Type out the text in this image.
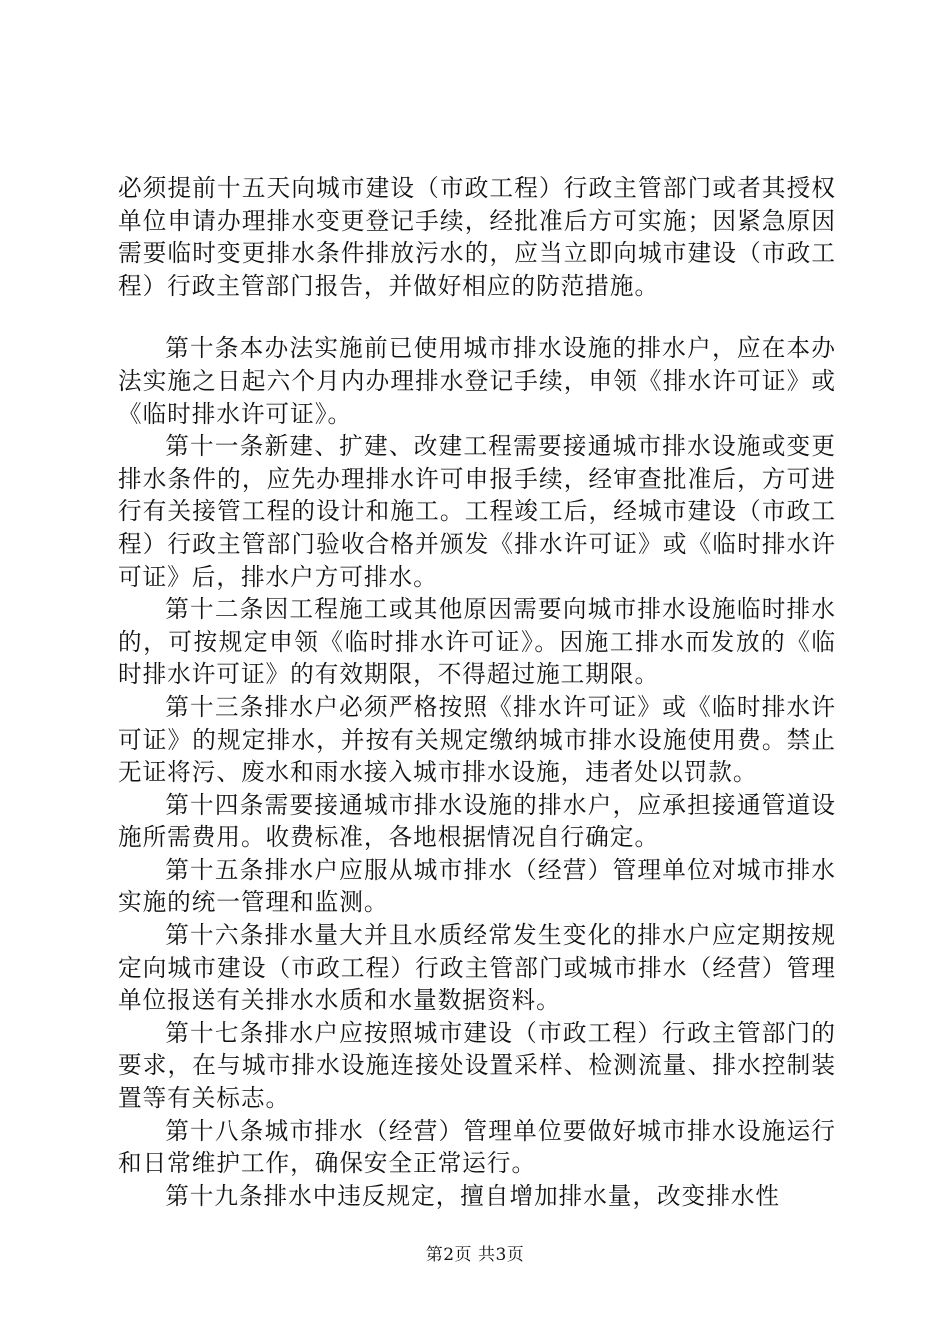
必须提前十五天向城市建设（市政工程）行政主管部门或者其授权单位申请办理排水变更登记手续，经批准后方可实施；因紧急原因需要临时变更排水条件排放污水的，应当立即向城市建设（市政工程）行政主管部门报告，并做好相应的防范措施。

第十条本办法实施前已使用城市排水设施的排水户，应在本办法实施之日起六个月内办理排水登记手续，申领《排水许可证》或《临时排水许可证》。

第十一条新建、扩建、改建工程需要接通城市排水设施或变更排水条件的，应先办理排水许可申报手续，经审查批准后，方可进行有关接管工程的设计和施工。工程竣工后，经城市建设（市政工程）行政主管部门验收合格并颁发《排水许可证》或《临时排水许可证》后，排水户方可排水。

第十二条因工程施工或其他原因需要向城市排水设施临时排水的，可按规定申领《临时排水许可证》。因施工排水而发放的《临时排水许可证》的有效期限，不得超过施工期限。

第十三条排水户必须严格按照《排水许可证》或《临时排水许可证》的规定排水，并按有关规定缴纳城市排水设施使用费。禁止无证将污、废水和雨水接入城市排水设施，违者处以罚款。

第十四条需要接通城市排水设施的排水户，应承担接通管道设施所需费用。收费标准，各地根据情况自行确定。

第十五条排水户应服从城市排水（经营）管理单位对城市排水实施的统一管理和监测。

第十六条排水量大并且水质经常发生变化的排水户应定期按规定向城市建设（市政工程）行政主管部门或城市排水（经营）管理单位报送有关排水水质和水量数据资料。

第十七条排水户应按照城市建设（市政工程）行政主管部门的要求，在与城市排水设施连接处设置采样、检测流量、排水控制装置等有关标志。

第十八条城市排水（经营）管理单位要做好城市排水设施运行和日常维护工作，确保安全正常运行。

第十九条排水中违反规定，擅自增加排水量，改变排水性

第2页 共3页
